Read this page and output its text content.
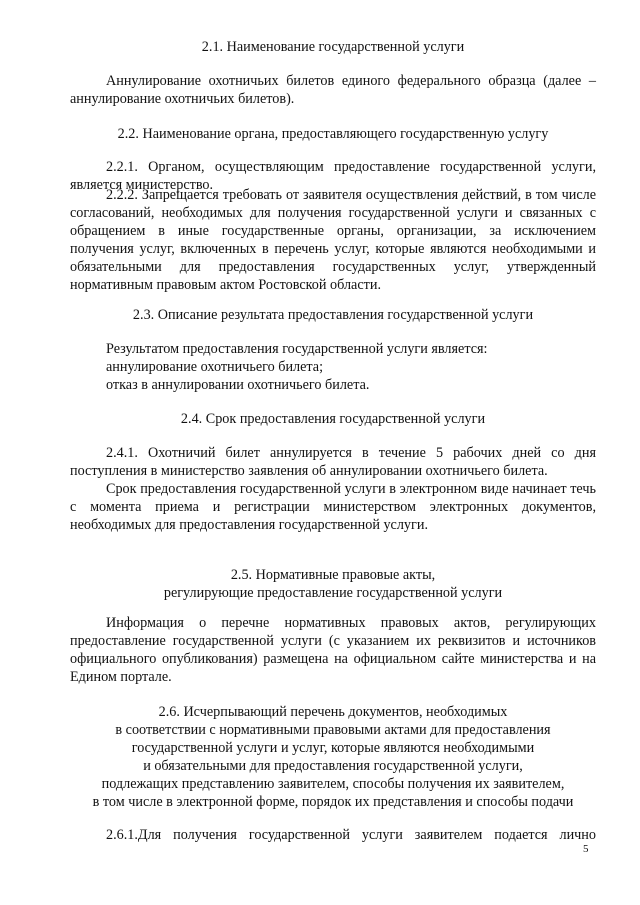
2.1. Наименование государственной услуги
Аннулирование охотничьих билетов единого федерального образца (далее – аннулирование охотничьих билетов).
2.2. Наименование органа, предоставляющего государственную услугу
2.2.1. Органом, осуществляющим предоставление государственной услуги, является министерство.
2.2.2. Запрещается требовать от заявителя осуществления действий, в том числе согласований, необходимых для получения государственной услуги и связанных с обращением в иные государственные органы, организации, за исключением получения услуг, включенных в перечень услуг, которые являются необходимыми и обязательными для предоставления государственных услуг, утвержденный нормативным правовым актом Ростовской области.
2.3. Описание результата предоставления государственной услуги
Результатом предоставления государственной услуги является:
аннулирование охотничьего билета;
отказ в аннулировании охотничьего билета.
2.4. Срок предоставления государственной услуги
2.4.1. Охотничий билет аннулируется в течение 5 рабочих дней со дня поступления в министерство заявления об аннулировании охотничьего билета.
Срок предоставления государственной услуги в электронном виде начинает течь с момента приема и регистрации министерством электронных документов, необходимых для предоставления государственной услуги.
2.5. Нормативные правовые акты,
регулирующие предоставление государственной услуги
Информация о перечне нормативных правовых актов, регулирующих предоставление государственной услуги (с указанием их реквизитов и источников официального опубликования) размещена на официальном сайте министерства и на Едином портале.
2.6. Исчерпывающий перечень документов, необходимых
в соответствии с нормативными правовыми актами для предоставления
государственной услуги и услуг, которые являются необходимыми
и обязательными для предоставления государственной услуги,
подлежащих представлению заявителем, способы получения их заявителем,
в том числе в электронной форме, порядок их представления и способы подачи
2.6.1.Для получения государственной услуги заявителем подается лично
5
